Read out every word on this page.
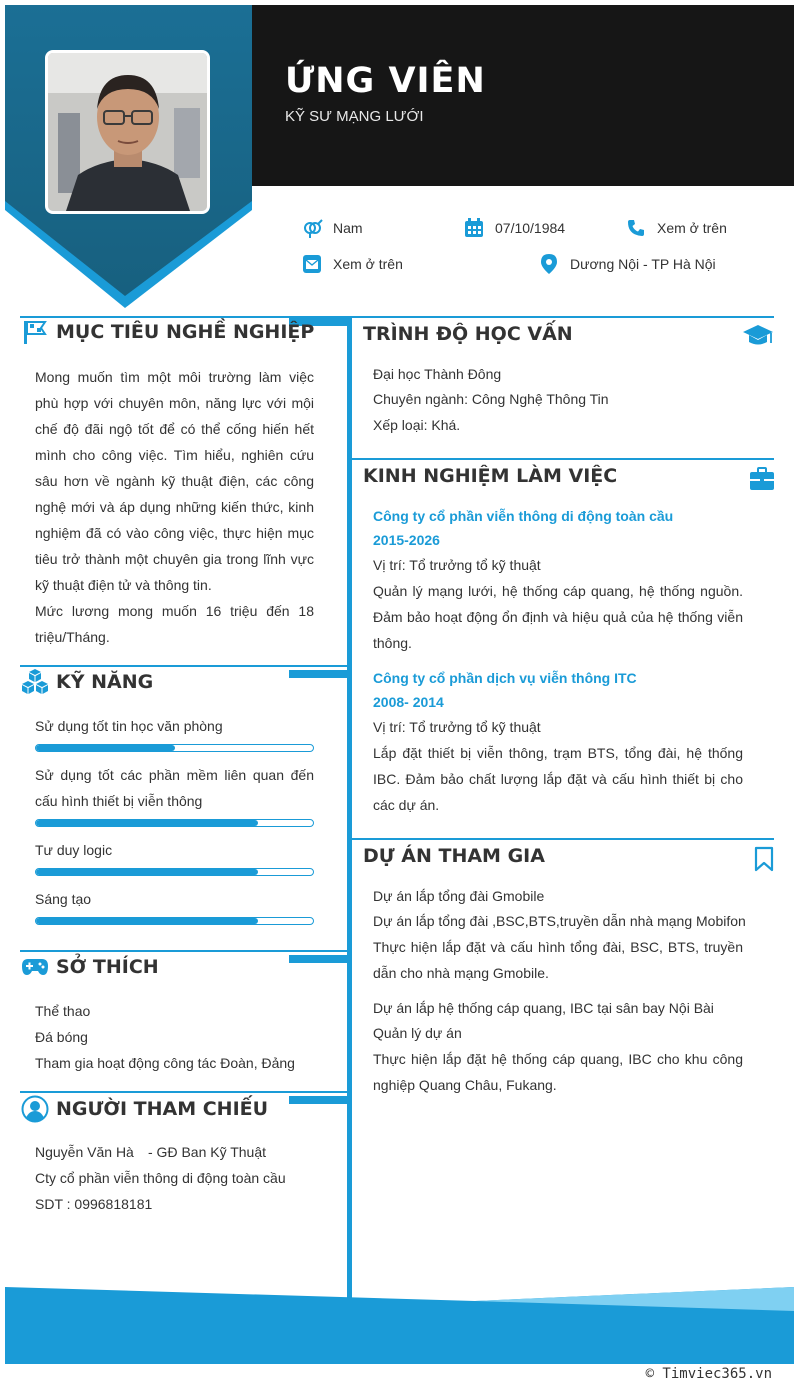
ỨNG VIÊN
KỸ SƯ MẠNG LƯỚI
Nam	07/10/1984	Xem ở trên
Xem ở trên	Dương Nội - TP Hà Nội
MỤC TIÊU NGHỀ NGHIỆP
Mong muốn tìm một môi trường làm việc phù hợp với chuyên môn, năng lực với mội chế độ đãi ngộ tốt để có thể cống hiến hết mình cho công việc. Tìm hiểu, nghiên cứu sâu hơn về ngành kỹ thuật điện, các công nghệ mới và áp dụng những kiến thức, kinh nghiệm đã có vào công việc, thực hiện mục tiêu trở thành một chuyên gia trong lĩnh vực kỹ thuật điện tử và thông tin.
Mức lương mong muốn 16 triệu đến 18 triệu/Tháng.
KỸ NĂNG
Sử dụng tốt tin học văn phòng
Sử dụng tốt các phần mềm liên quan đến cấu hình thiết bị viễn thông
Tư duy logic
Sáng tạo
SỞ THÍCH
Thể thao
Đá bóng
Tham gia hoạt động công tác Đoàn, Đảng
NGƯỜI THAM CHIẾU
Nguyễn Văn Hà - GĐ Ban Kỹ Thuật
Cty cổ phần viễn thông di động toàn cầu
SDT : 0996818181
TRÌNH ĐỘ HỌC VẤN
Đại học Thành Đông
Chuyên ngành: Công Nghệ Thông Tin
Xếp loại: Khá.
KINH NGHIỆM LÀM VIỆC
Công ty cổ phần viễn thông di động toàn cầu
2015-2026
Vị trí: Tổ trưởng tổ kỹ thuật
Quản lý mạng lưới, hệ thống cáp quang, hệ thống nguồn. Đảm bảo hoạt động ổn định và hiệu quả của hệ thống viễn thông.
Công ty cổ phần dịch vụ viễn thông ITC
2008- 2014
Vị trí: Tổ trưởng tổ kỹ thuật
Lắp đặt thiết bị viễn thông, trạm BTS, tổng đài, hệ thống IBC. Đảm bảo chất lượng lắp đặt và cấu hình thiết bị cho các dự án.
DỰ ÁN THAM GIA
Dự án lắp tổng đài Gmobile
Dự án lắp tổng đài ,BSC,BTS,truyền dẫn nhà mạng Mobifon
Thực hiện lắp đặt và cấu hình tổng đài, BSC, BTS, truyền dẫn cho nhà mạng Gmobile.
Dự án lắp hệ thống cáp quang, IBC tại sân bay Nội Bài
Quản lý dự án
Thực hiện lắp đặt hệ thống cáp quang, IBC cho khu công nghiệp Quang Châu, Fukang.
© Timviec365.vn
